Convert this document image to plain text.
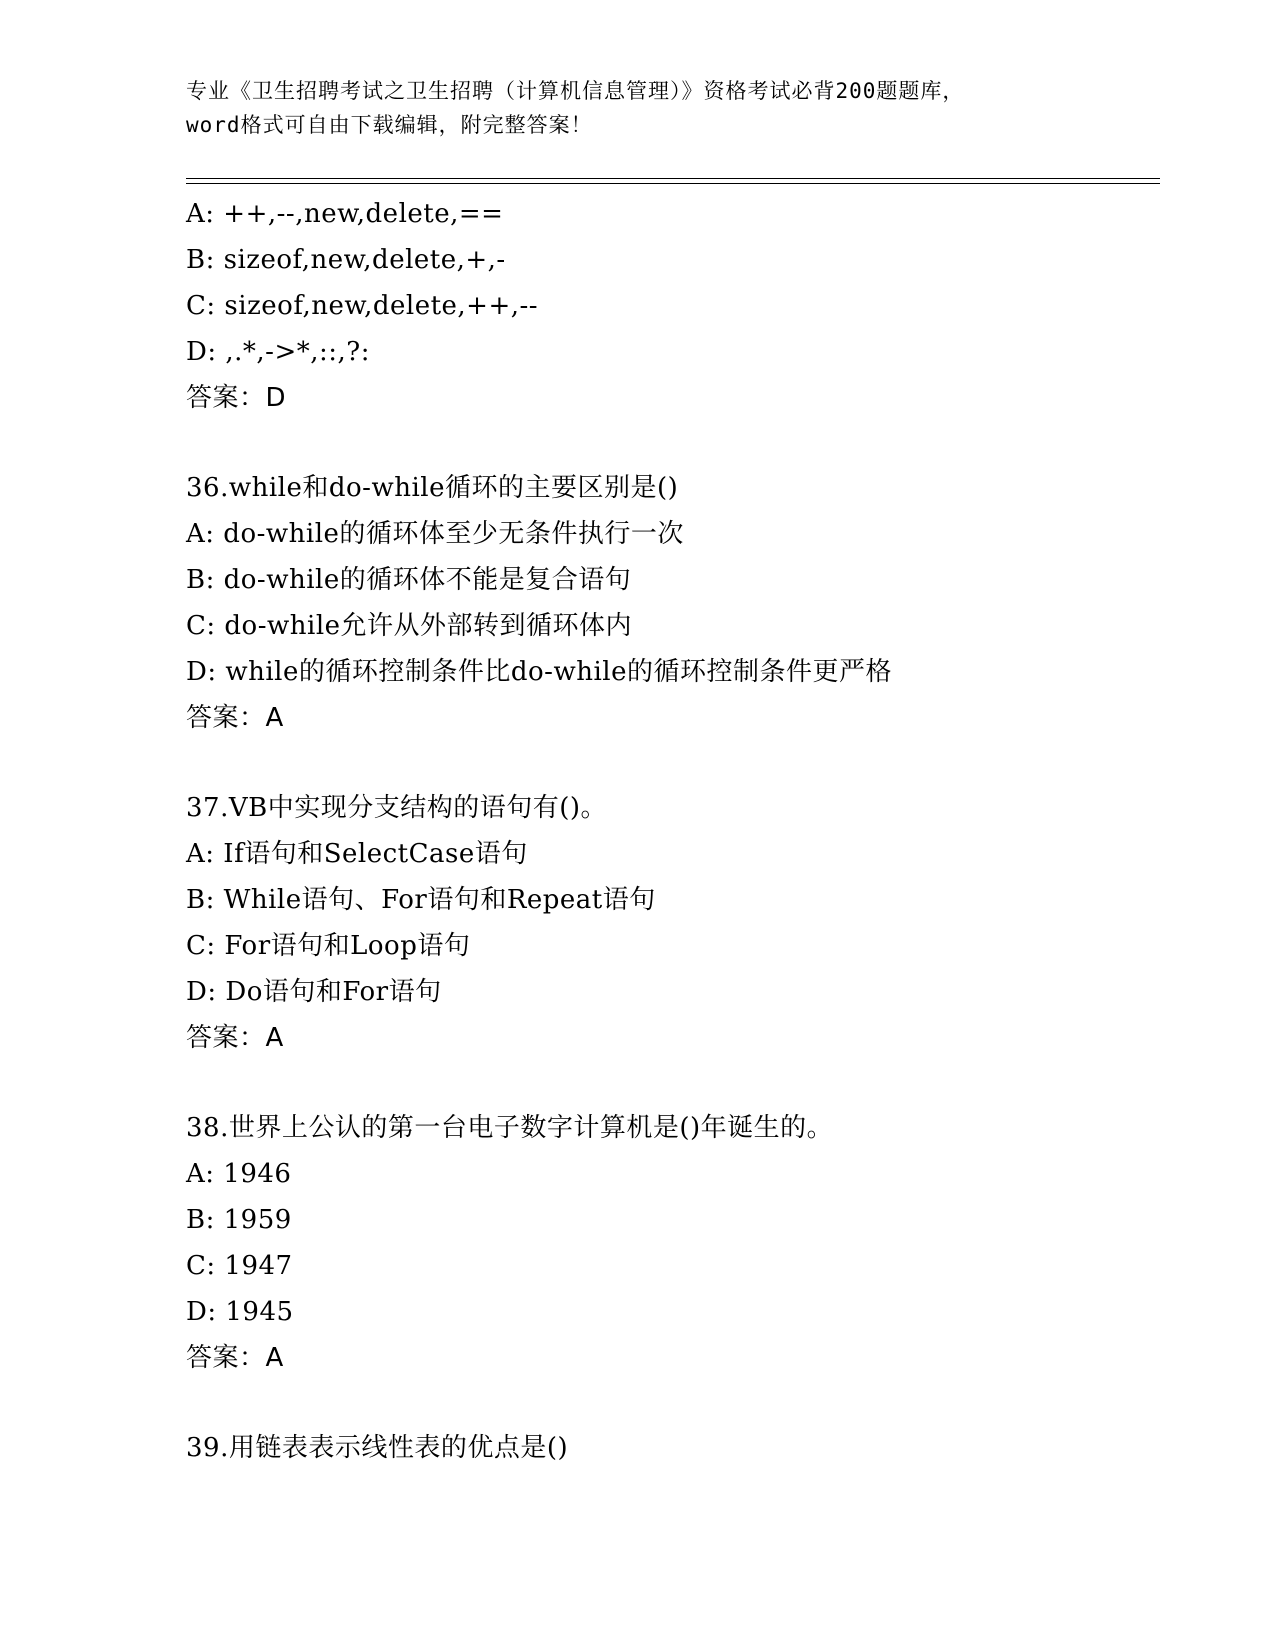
专业《卫生招聘考试之卫生招聘（计算机信息管理）》资格考试必背200题题库，
word格式可自由下载编辑，附完整答案！
A: ++,--,new,delete,==
B: sizeof,new,delete,+,-
C: sizeof,new,delete,++,--
D: ,.*,->*,::,?:
答案：D
36.while和do-while循环的主要区别是()
A: do-while的循环体至少无条件执行一次
B: do-while的循环体不能是复合语句
C: do-while允许从外部转到循环体内
D: while的循环控制条件比do-while的循环控制条件更严格
答案：A
37.VB中实现分支结构的语句有()。
A: If语句和SelectCase语句
B: While语句、For语句和Repeat语句
C: For语句和Loop语句
D: Do语句和For语句
答案：A
38.世界上公认的第一台电子数字计算机是()年诞生的。
A: 1946
B: 1959
C: 1947
D: 1945
答案：A
39.用链表表示线性表的优点是()
